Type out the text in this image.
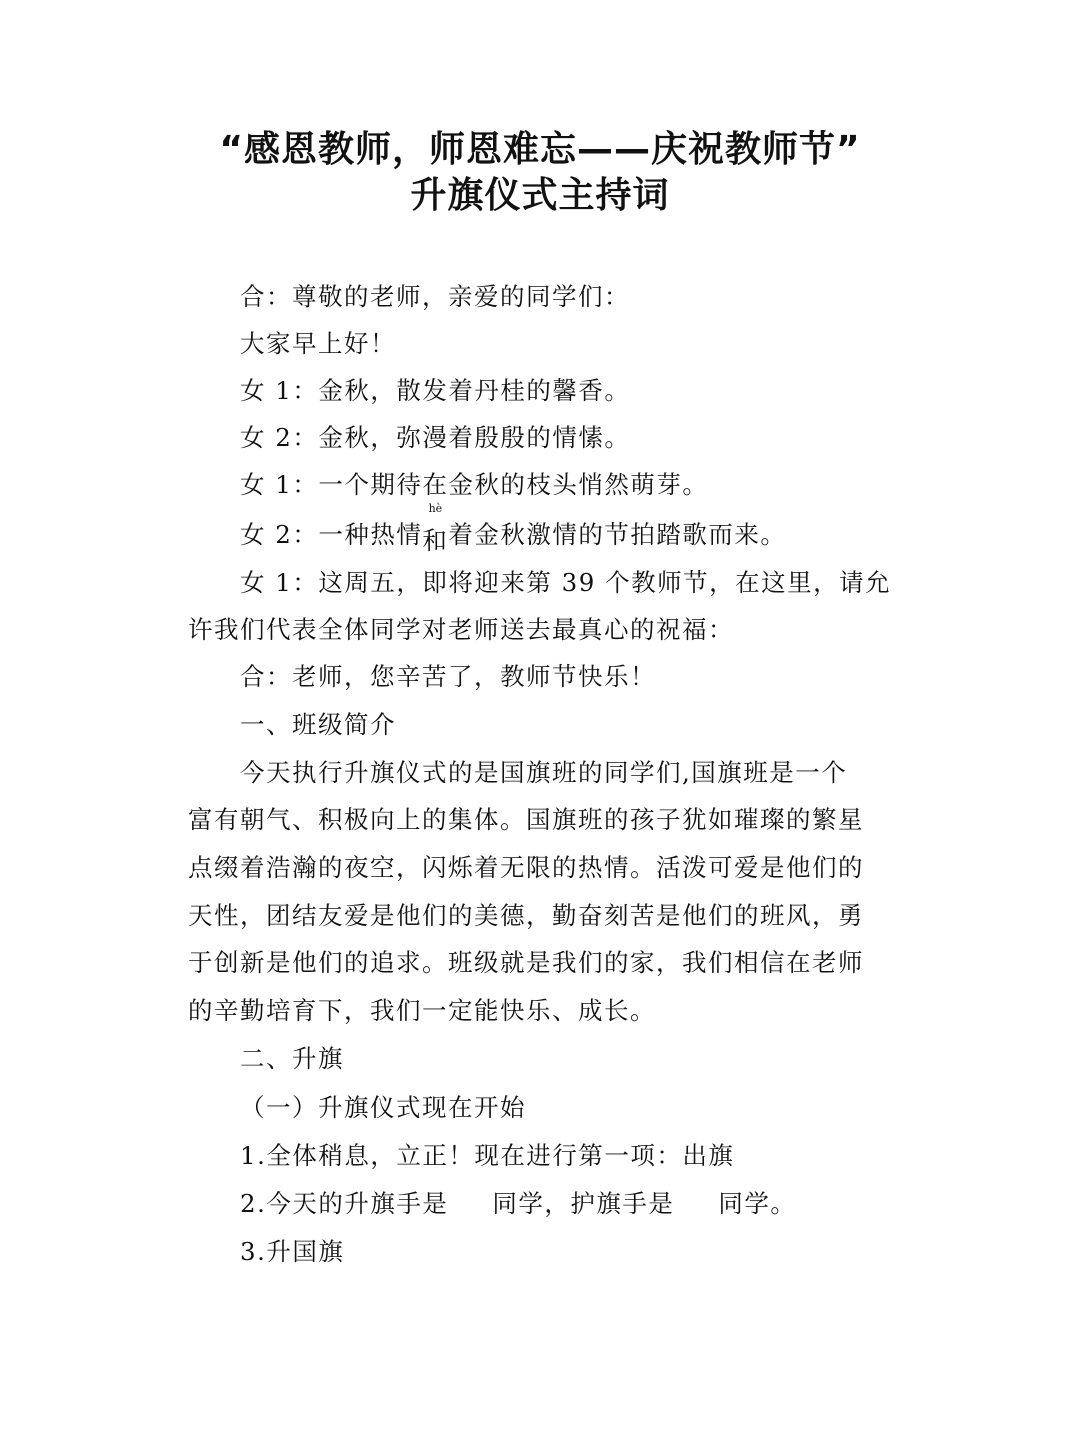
“感恩教师，师恩难忘——庆祝教师节”
升旗仪式主持词
合：尊敬的老师，亲爱的同学们：
大家早上好！
女 1：金秋，散发着丹桂的馨香。
女 2：金秋，弥漫着殷殷的情愫。
女 1：一个期待在金秋的枝头悄然萌芽。
女 2：一种热情
hè
和着金秋激情的节拍踏歌而来。
女 1：这周五，即将迎来第 39 个教师节，在这里，请允
许我们代表全体同学对老师送去最真心的祝福：
合：老师，您辛苦了，教师节快乐！
一、班级简介
今天执行升旗仪式的是国旗班的同学们,国旗班是一个
富有朝气、积极向上的集体。国旗班的孩子犹如璀璨的繁星
点缀着浩瀚的夜空，闪烁着无限的热情。活泼可爱是他们的
天性，团结友爱是他们的美德，勤奋刻苦是他们的班风，勇
于创新是他们的追求。班级就是我们的家，我们相信在老师
的辛勤培育下，我们一定能快乐、成长。
二、升旗
（一）升旗仪式现在开始
1.全体稍息，立正！现在进行第一项：出旗
2.今天的升旗手是 同学，护旗手是 同学。
3.升国旗
